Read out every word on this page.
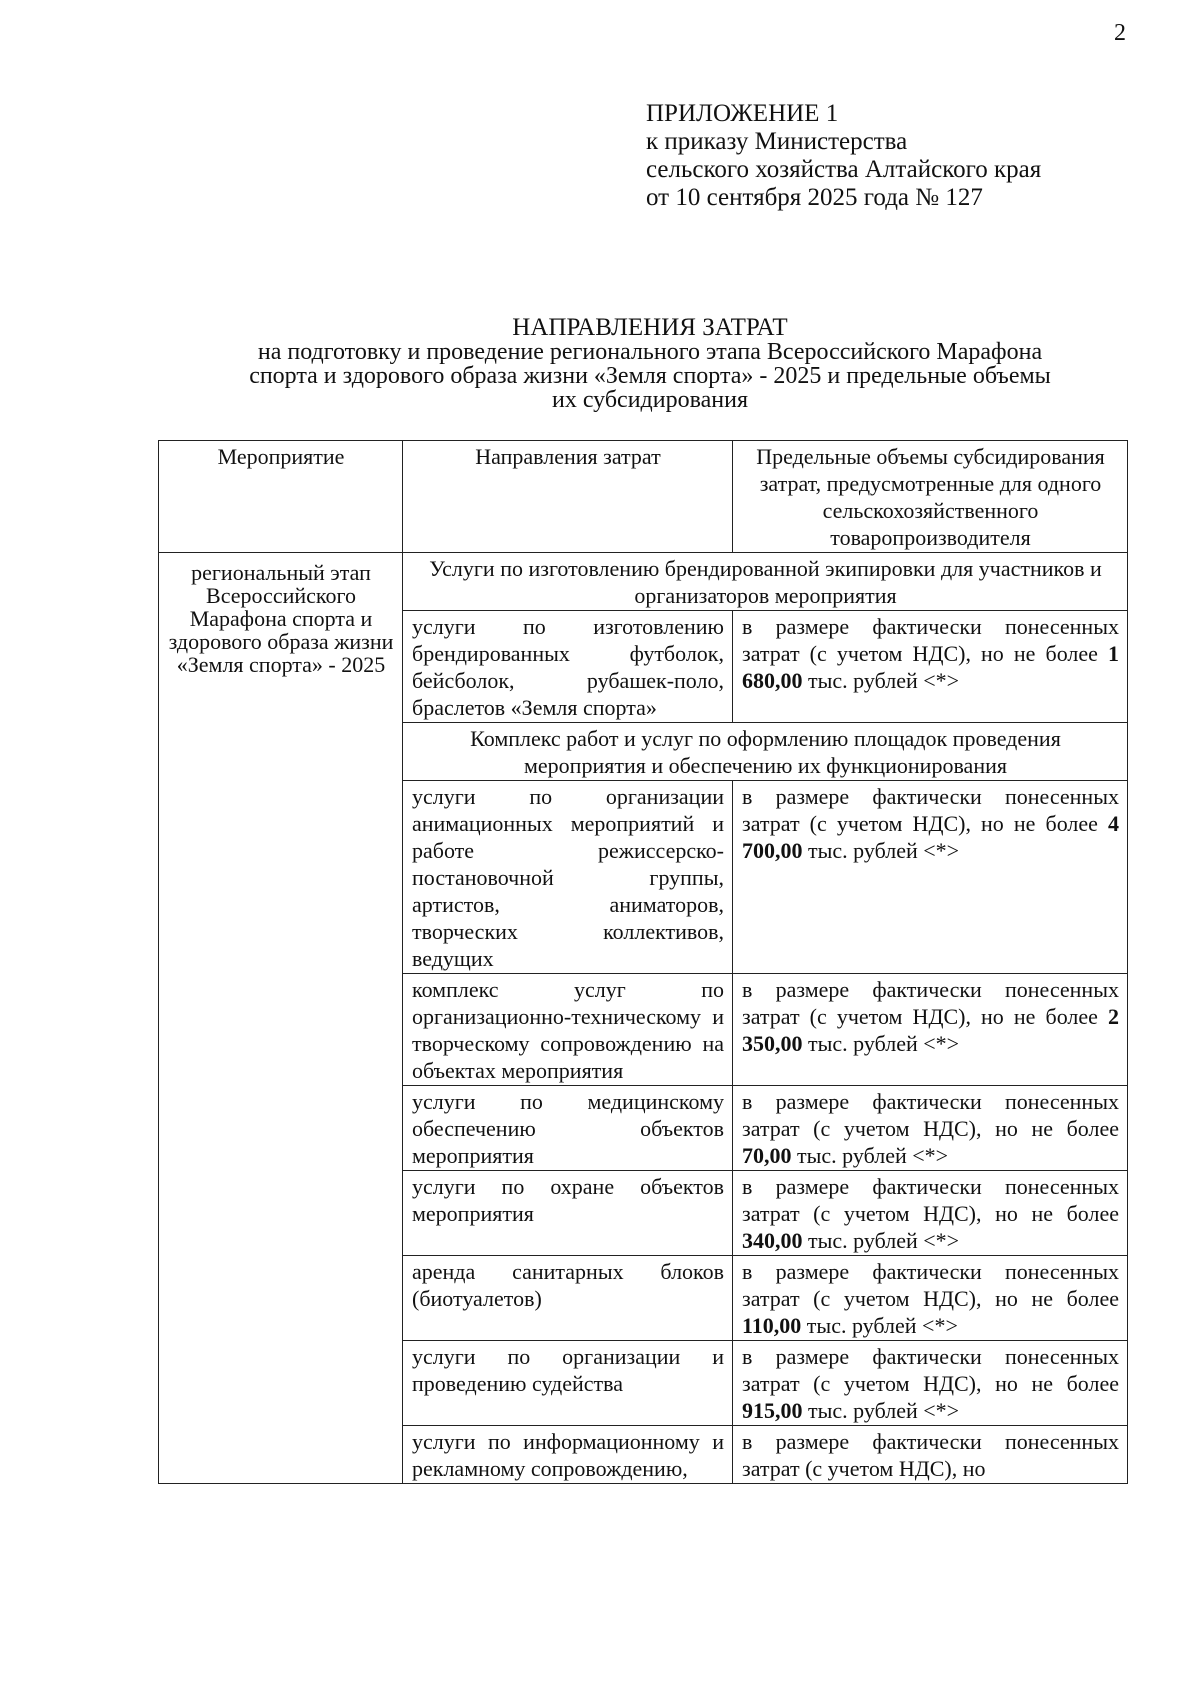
2
ПРИЛОЖЕНИЕ 1
к приказу Министерства
сельского хозяйства Алтайского края
от 10 сентября 2025 года № 127
НАПРАВЛЕНИЯ ЗАТРАТ
на подготовку и проведение регионального этапа Всероссийского Марафона
спорта и здорового образа жизни «Земля спорта» - 2025 и предельные объемы
их субсидирования
Мероприятие	Направления затрат	Предельные объемы субсидирования затрат, предусмотренные для одного сельскохозяйственного товаропроизводителя
региональный этап Всероссийского Марафона спорта и здорового образа жизни «Земля спорта» - 2025	Услуги по изготовлению брендированной экипировки для участников и организаторов мероприятия	
	услуги по изготовлению брендированных футболок, бейсболок, рубашек-поло, браслетов «Земля спорта»	в размере фактически понесенных затрат (с учетом НДС), но не более 1 680,00 тыс. рублей <*>
	Комплекс работ и услуг по оформлению площадок проведения мероприятия и обеспечению их функционирования	
	услуги по организации анимационных мероприятий и работе режиссерско-постановочной группы, артистов, аниматоров, творческих коллективов, ведущих	в размере фактически понесенных затрат (с учетом НДС), но не более 4 700,00 тыс. рублей <*>
	комплекс услуг по организационно-техническому и творческому сопровождению на объектах мероприятия	в размере фактически понесенных затрат (с учетом НДС), но не более 2 350,00 тыс. рублей <*>
	услуги по медицинскому обеспечению объектов мероприятия	в размере фактически понесенных затрат (с учетом НДС), но не более 70,00 тыс. рублей <*>
	услуги по охране объектов мероприятия	в размере фактически понесенных затрат (с учетом НДС), но не более 340,00 тыс. рублей <*>
	аренда санитарных блоков (биотуалетов)	в размере фактически понесенных затрат (с учетом НДС), но не более 110,00 тыс. рублей <*>
	услуги по организации и проведению судейства	в размере фактически понесенных затрат (с учетом НДС), но не более 915,00 тыс. рублей <*>
	услуги по информационному и рекламному сопровождению,	в размере фактически понесенных затрат (с учетом НДС), но
